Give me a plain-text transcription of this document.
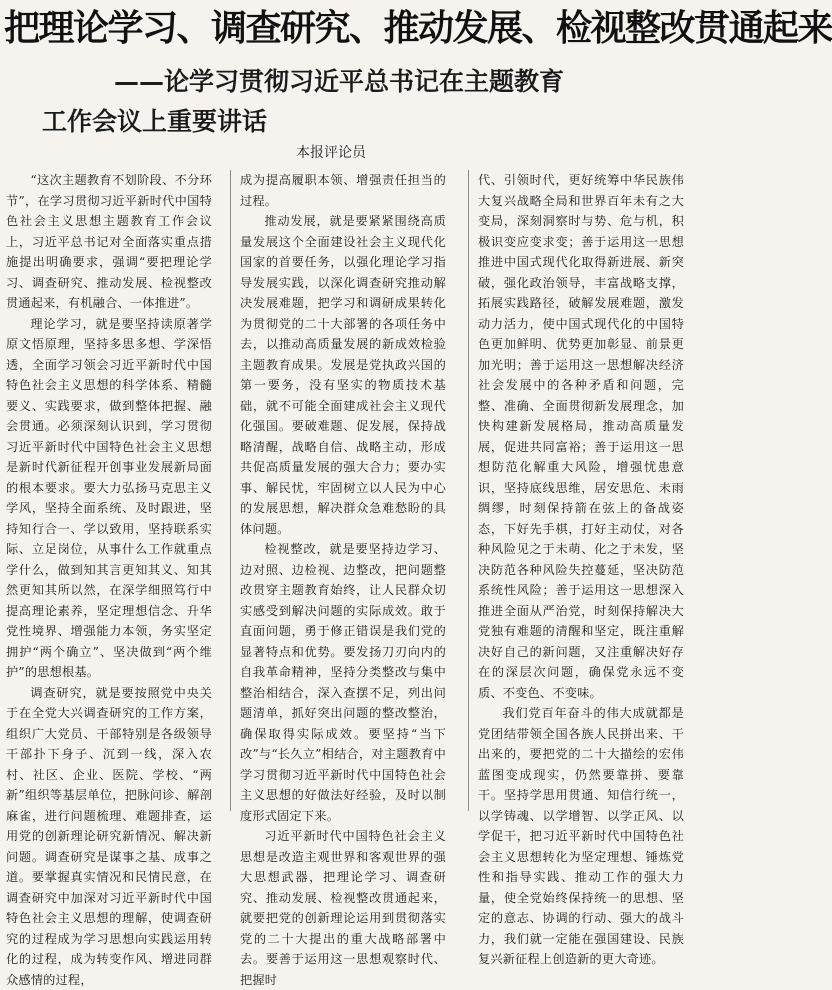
把理论学习、调查研究、推动发展、检视整改贯通起来
——论学习贯彻习近平总书记在主题教育
工作会议上重要讲话
本报评论员

“这次主题教育不划阶段、不分环节”，在学习贯彻习近平新时代中国特色社会主义思想主题教育工作会议上，习近平总书记对全面落实重点措施提出明确要求，强调“要把理论学习、调查研究、推动发展、检视整改贯通起来，有机融合、一体推进”。

理论学习，就是要坚持读原著学原文悟原理，坚持多思多想、学深悟透，全面学习领会习近平新时代中国特色社会主义思想的科学体系、精髓要义、实践要求，做到整体把握、融会贯通。必须深刻认识到，学习贯彻习近平新时代中国特色社会主义思想是新时代新征程开创事业发展新局面的根本要求。要大力弘扬马克思主义学风，坚持全面系统、及时跟进，坚持知行合一、学以致用，坚持联系实际、立足岗位，从事什么工作就重点学什么，做到知其言更知其义、知其然更知其所以然，在深学细照笃行中提高理论素养，坚定理想信念、升华党性境界、增强能力本领，务实坚定拥护“两个确立”、坚决做到“两个维护”的思想根基。

调查研究，就是要按照党中央关于在全党大兴调查研究的工作方案，组织广大党员、干部特别是各级领导干部扑下身子、沉到一线，深入农村、社区、企业、医院、学校、“两新”组织等基层单位，把脉问诊、解剖麻雀，进行问题梳理、难题排查，运用党的创新理论研究新情况、解决新问题。调查研究是谋事之基、成事之道。要掌握真实情况和民情民意，在调查研究中加深对习近平新时代中国特色社会主义思想的理解，使调查研究的过程成为学习思想向实践运用转化的过程，成为转变作风、增进同群众感情的过程，

成为提高履职本领、增强责任担当的过程。

推动发展，就是要紧紧围绕高质量发展这个全面建设社会主义现代化国家的首要任务，以强化理论学习指导发展实践，以深化调查研究推动解决发展难题，把学习和调研成果转化为贯彻党的二十大部署的各项任务中去，以推动高质量发展的新成效检验主题教育成果。发展是党执政兴国的第一要务，没有坚实的物质技术基础，就不可能全面建成社会主义现代化强国。要破难题、促发展，保持战略清醒，战略自信、战略主动，形成共促高质量发展的强大合力；要办实事、解民忧，牢固树立以人民为中心的发展思想，解决群众急难愁盼的具体问题。

检视整改，就是要坚持边学习、边对照、边检视、边整改，把问题整改贯穿主题教育始终，让人民群众切实感受到解决问题的实际成效。敢于直面问题，勇于修正错误是我们党的显著特点和优势。要发扬刀刃向内的自我革命精神，坚持分类整改与集中整治相结合，深入查摆不足，列出问题清单，抓好突出问题的整改整治，确保取得实际成效。要坚持“当下改”与“长久立”相结合，对主题教育中学习贯彻习近平新时代中国特色社会主义思想的好做法好经验，及时以制度形式固定下来。

习近平新时代中国特色社会主义思想是改造主观世界和客观世界的强大思想武器，把理论学习、调查研究、推动发展、检视整改贯通起来，就要把党的创新理论运用到贯彻落实党的二十大提出的重大战略部署中去。要善于运用这一思想观察时代、把握时

代、引领时代，更好统筹中华民族伟大复兴战略全局和世界百年未有之大变局，深刻洞察时与势、危与机，积极识变应变求变；善于运用这一思想推进中国式现代化取得新进展、新突破，强化政治领导，丰富战略支撑，拓展实践路径，破解发展难题，激发动力活力，使中国式现代化的中国特色更加鲜明、优势更加彰显、前景更加光明；善于运用这一思想解决经济社会发展中的各种矛盾和问题，完整、准确、全面贯彻新发展理念，加快构建新发展格局，推动高质量发展，促进共同富裕；善于运用这一思想防范化解重大风险，增强忧患意识，坚持底线思维，居安思危、未雨绸缪，时刻保持箭在弦上的备战姿态，下好先手棋，打好主动仗，对各种风险见之于未萌、化之于未发，坚决防范各种风险失控蔓延，坚决防范系统性风险；善于运用这一思想深入推进全面从严治党，时刻保持解决大党独有难题的清醒和坚定，既注重解决好自己的新问题，又注重解决好存在的深层次问题，确保党永远不变质、不变色、不变味。

我们党百年奋斗的伟大成就都是党团结带领全国各族人民拼出来、干出来的，要把党的二十大描绘的宏伟蓝图变成现实，仍然要靠拼、要靠干。坚持学思用贯通、知信行统一，以学铸魂、以学增智、以学正风、以学促干，把习近平新时代中国特色社会主义思想转化为坚定理想、锤炼党性和指导实践、推动工作的强大力量，使全党始终保持统一的思想、坚定的意志、协调的行动、强大的战斗力，我们就一定能在强国建设、民族复兴新征程上创造新的更大奇迹。
